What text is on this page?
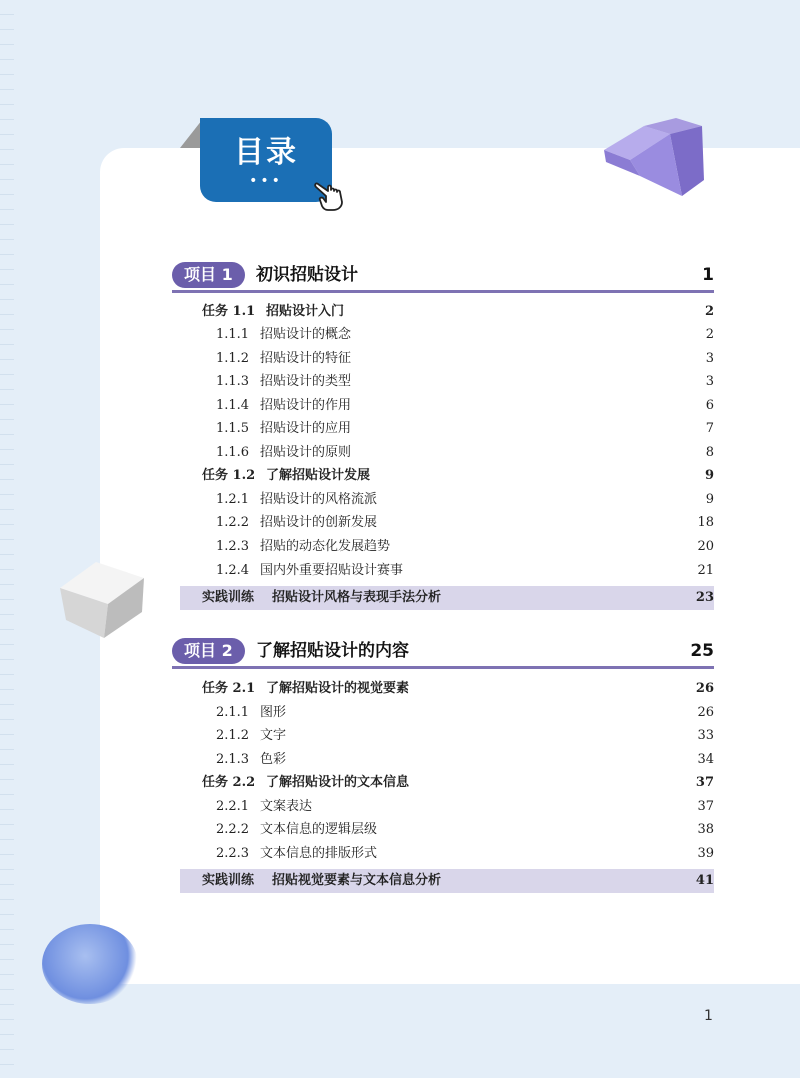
目录
•••
项目 1	初识招贴设计	1
任务 1.1 招贴设计入门	2
1.1.1 招贴设计的概念	2
1.1.2 招贴设计的特征	3
1.1.3 招贴设计的类型	3
1.1.4 招贴设计的作用	6
1.1.5 招贴设计的应用	7
1.1.6 招贴设计的原则	8
任务 1.2 了解招贴设计发展	9
1.2.1 招贴设计的风格流派	9
1.2.2 招贴设计的创新发展	18
1.2.3 招贴的动态化发展趋势	20
1.2.4 国内外重要招贴设计赛事	21
实践训练 招贴设计风格与表现手法分析	23
项目 2	了解招贴设计的内容	25
任务 2.1 了解招贴设计的视觉要素	26
2.1.1 图形	26
2.1.2 文字	33
2.1.3 色彩	34
任务 2.2 了解招贴设计的文本信息	37
2.2.1 文案表达	37
2.2.2 文本信息的逻辑层级	38
2.2.3 文本信息的排版形式	39
实践训练 招贴视觉要素与文本信息分析	41
1
